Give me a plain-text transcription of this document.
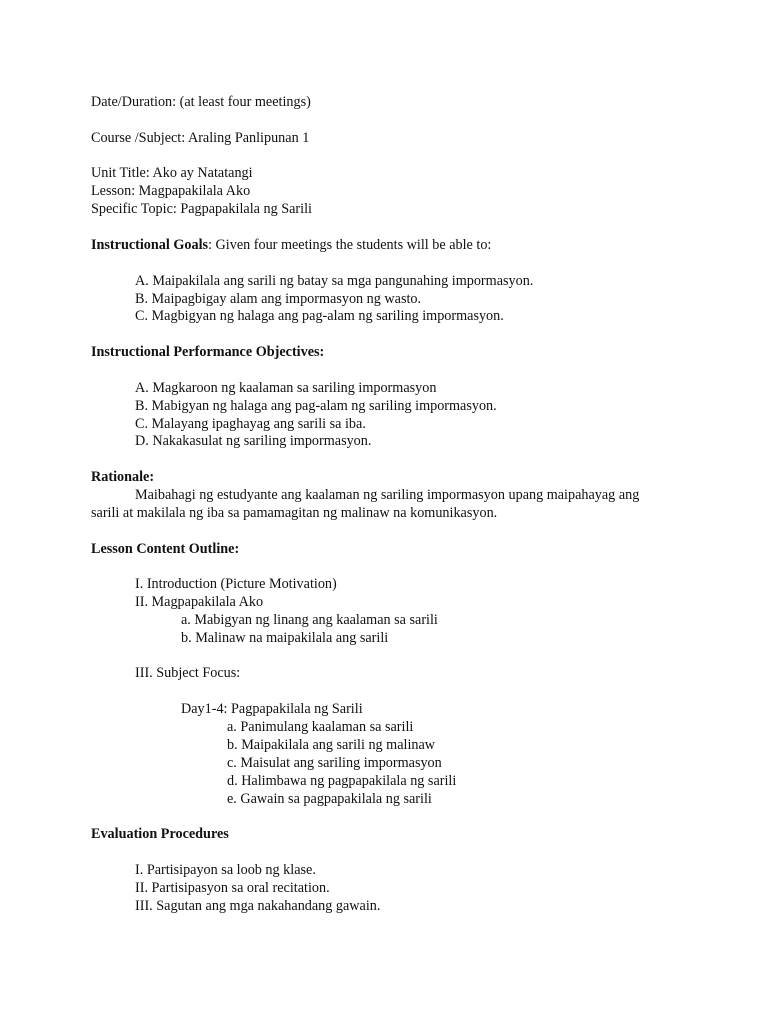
Date/Duration: (at least four meetings)
Course /Subject: Araling Panlipunan 1
Unit Title: Ako ay Natatangi
Lesson: Magpapakilala Ako
Specific Topic: Pagpapakilala ng Sarili
Instructional Goals: Given four meetings the students will be able to:
A. Maipakilala ang sarili ng batay sa mga pangunahing impormasyon.
B. Maipagbigay alam ang impormasyon ng wasto.
C. Magbigyan ng halaga ang pag-alam ng sariling impormasyon.
Instructional Performance Objectives:
A. Magkaroon ng kaalaman sa sariling impormasyon
B. Mabigyan ng halaga ang pag-alam ng sariling impormasyon.
C. Malayang ipaghayag ang sarili sa iba.
D. Nakakasulat ng sariling impormasyon.
Rationale:
Maibahagi ng estudyante ang kaalaman ng sariling impormasyon upang maipahayag ang
sarili at makilala ng iba sa pamamagitan ng malinaw na komunikasyon.
Lesson Content Outline:
I. Introduction (Picture Motivation)
II. Magpapakilala Ako
a. Mabigyan ng linang ang kaalaman sa sarili
b. Malinaw na maipakilala ang sarili
III. Subject Focus:
Day1-4: Pagpapakilala ng Sarili
a. Panimulang kaalaman sa sarili
b. Maipakilala ang sarili ng malinaw
c. Maisulat ang sariling impormasyon
d. Halimbawa ng pagpapakilala ng sarili
e. Gawain sa pagpapakilala ng sarili
Evaluation Procedures
I. Partisipayon sa loob ng klase.
II. Partisipasyon sa oral recitation.
III. Sagutan ang mga nakahandang gawain.
